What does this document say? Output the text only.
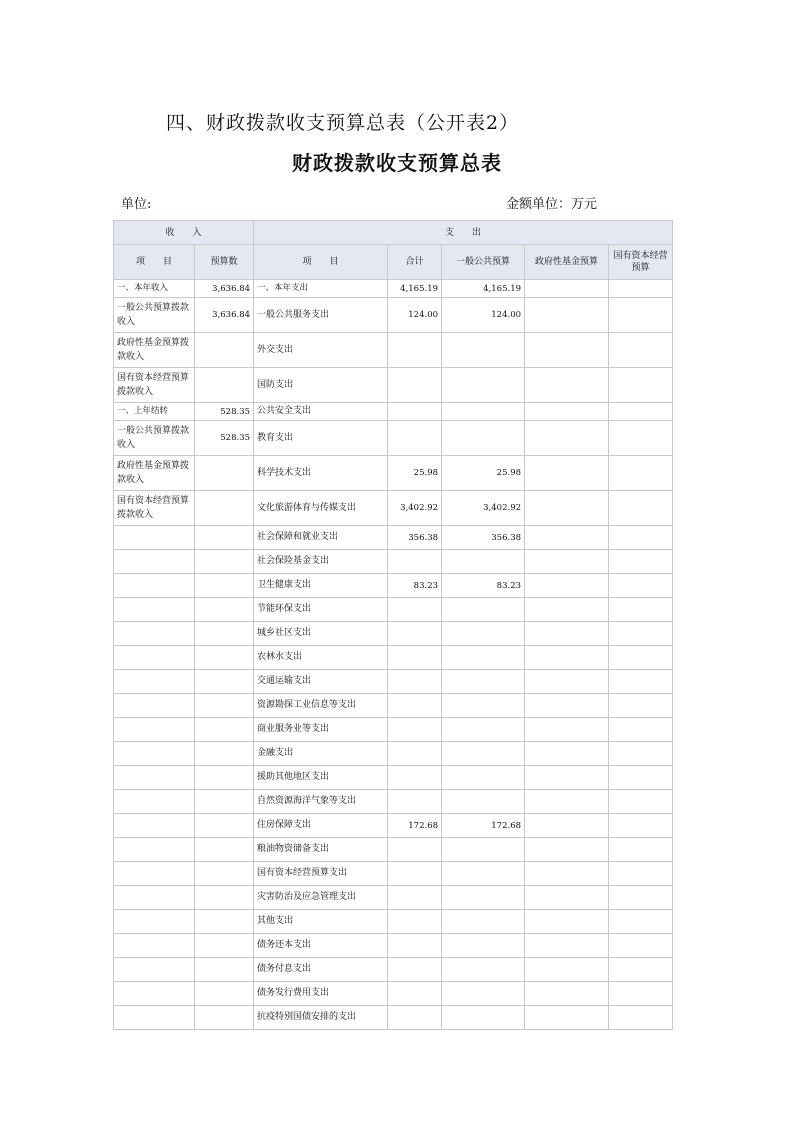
四、财政拨款收支预算总表（公开表2）
财政拨款收支预算总表
单位:	金额单位：万元
收　　入		支　　出				
项　　目	预算数	项　　目	合计	一般公共预算	政府性基金预算	国有资本经营预算
一、本年收入	3,636.84	一、本年支出	4,165.19	4,165.19		
一般公共预算拨款收入	3,636.84	一般公共服务支出	124.00	124.00		
政府性基金预算拨款收入		外交支出				
国有资本经营预算拨款收入		国防支出				
一、上年结转	528.35	公共安全支出				
一般公共预算拨款收入	528.35	教育支出				
政府性基金预算拨款收入		科学技术支出	25.98	25.98		
国有资本经营预算拨款收入		文化旅游体育与传媒支出	3,402.92	3,402.92		
		社会保障和就业支出	356.38	356.38		
		社会保险基金支出				
		卫生健康支出	83.23	83.23		
		节能环保支出				
		城乡社区支出				
		农林水支出				
		交通运输支出				
		资源勘探工业信息等支出				
		商业服务业等支出				
		金融支出				
		援助其他地区支出				
		自然资源海洋气象等支出				
		住房保障支出	172.68	172.68		
		粮油物资储备支出				
		国有资本经营预算支出				
		灾害防治及应急管理支出				
		其他支出				
		债务还本支出				
		债务付息支出				
		债务发行费用支出				
		抗疫特别国债安排的支出				
